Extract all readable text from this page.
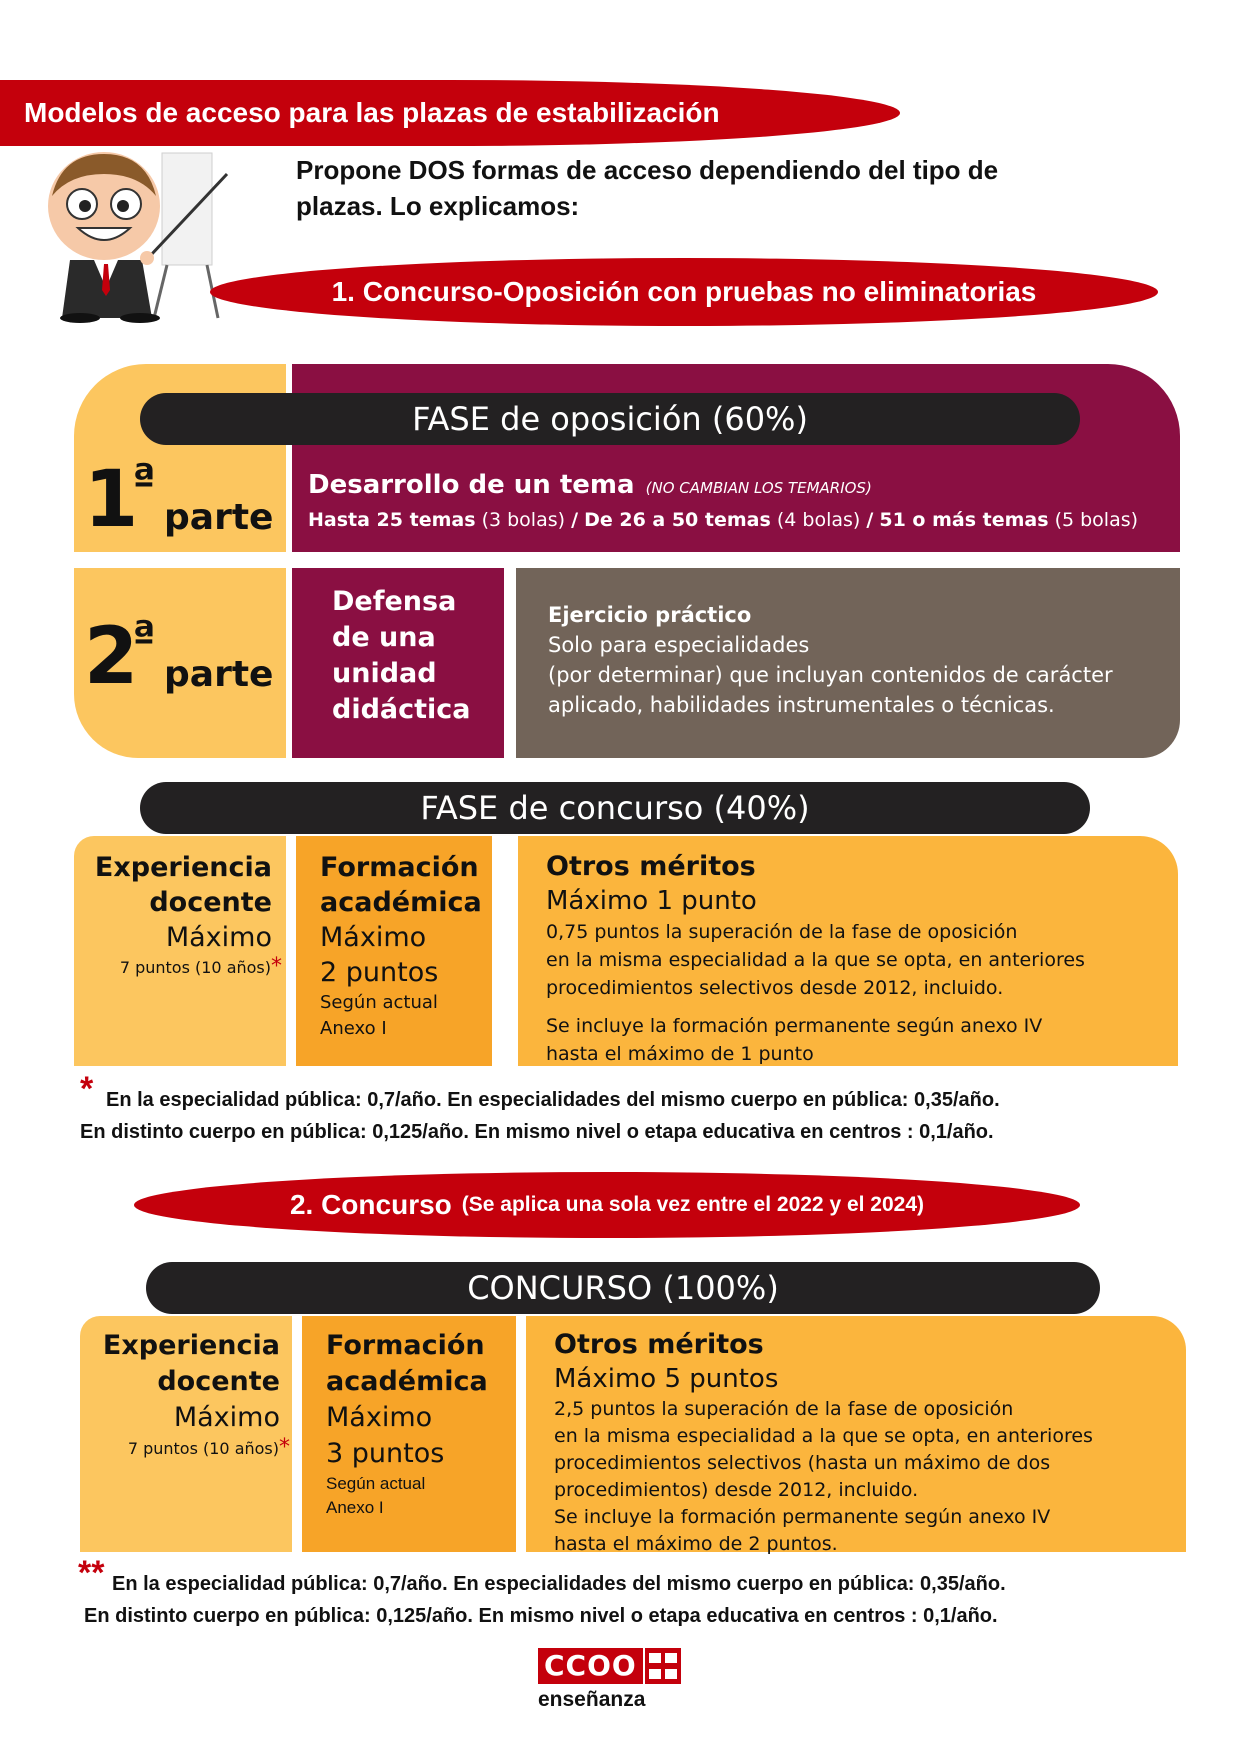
Modelos de acceso para las plazas de estabilización
Propone DOS formas de acceso dependiendo del tipo de
plazas. Lo explicamos:
1. Concurso-Oposición con pruebas no eliminatorias
FASE de oposición (60%)
1
ª
parte
Desarrollo de un tema (NO CAMBIAN LOS TEMARIOS)
Hasta 25 temas (3 bolas) / De 26 a 50 temas (4 bolas) / 51 o más temas (5 bolas)
2
ª
parte
Defensa
de una
unidad
didáctica
Ejercicio práctico
Solo para especialidades
(por determinar) que incluyan contenidos de carácter
aplicado, habilidades instrumentales o técnicas.
FASE de concurso (40%)
Experiencia
docente
Máximo
7 puntos (10 años)*
Formación
académica
Máximo
2 puntos
Según actual
Anexo I
Otros méritos
Máximo 1 punto
0,75 puntos la superación de la fase de oposición
en la misma especialidad a la que se opta, en anteriores
procedimientos selectivos desde 2012, incluido.
Se incluye la formación permanente según anexo IV
hasta el máximo de 1 punto
* En la especialidad pública: 0,7/año. En especialidades del mismo cuerpo en pública: 0,35/año.
En distinto cuerpo en pública: 0,125/año. En mismo nivel o etapa educativa en centros : 0,1/año.
2. Concurso (Se aplica una sola vez entre el 2022 y el 2024)
CONCURSO (100%)
Experiencia
docente
Máximo
7 puntos (10 años)*
Formación
académica
Máximo
3 puntos
Según actual
Anexo I
Otros méritos
Máximo 5 puntos
2,5 puntos la superación de la fase de oposición
en la misma especialidad a la que se opta, en anteriores
procedimientos selectivos (hasta un máximo de dos
procedimientos) desde 2012, incluido.
Se incluye la formación permanente según anexo IV
hasta el máximo de 2 puntos.
** En la especialidad pública: 0,7/año. En especialidades del mismo cuerpo en pública: 0,35/año.
En distinto cuerpo en pública: 0,125/año. En mismo nivel o etapa educativa en centros : 0,1/año.
CCOO
enseñanza
